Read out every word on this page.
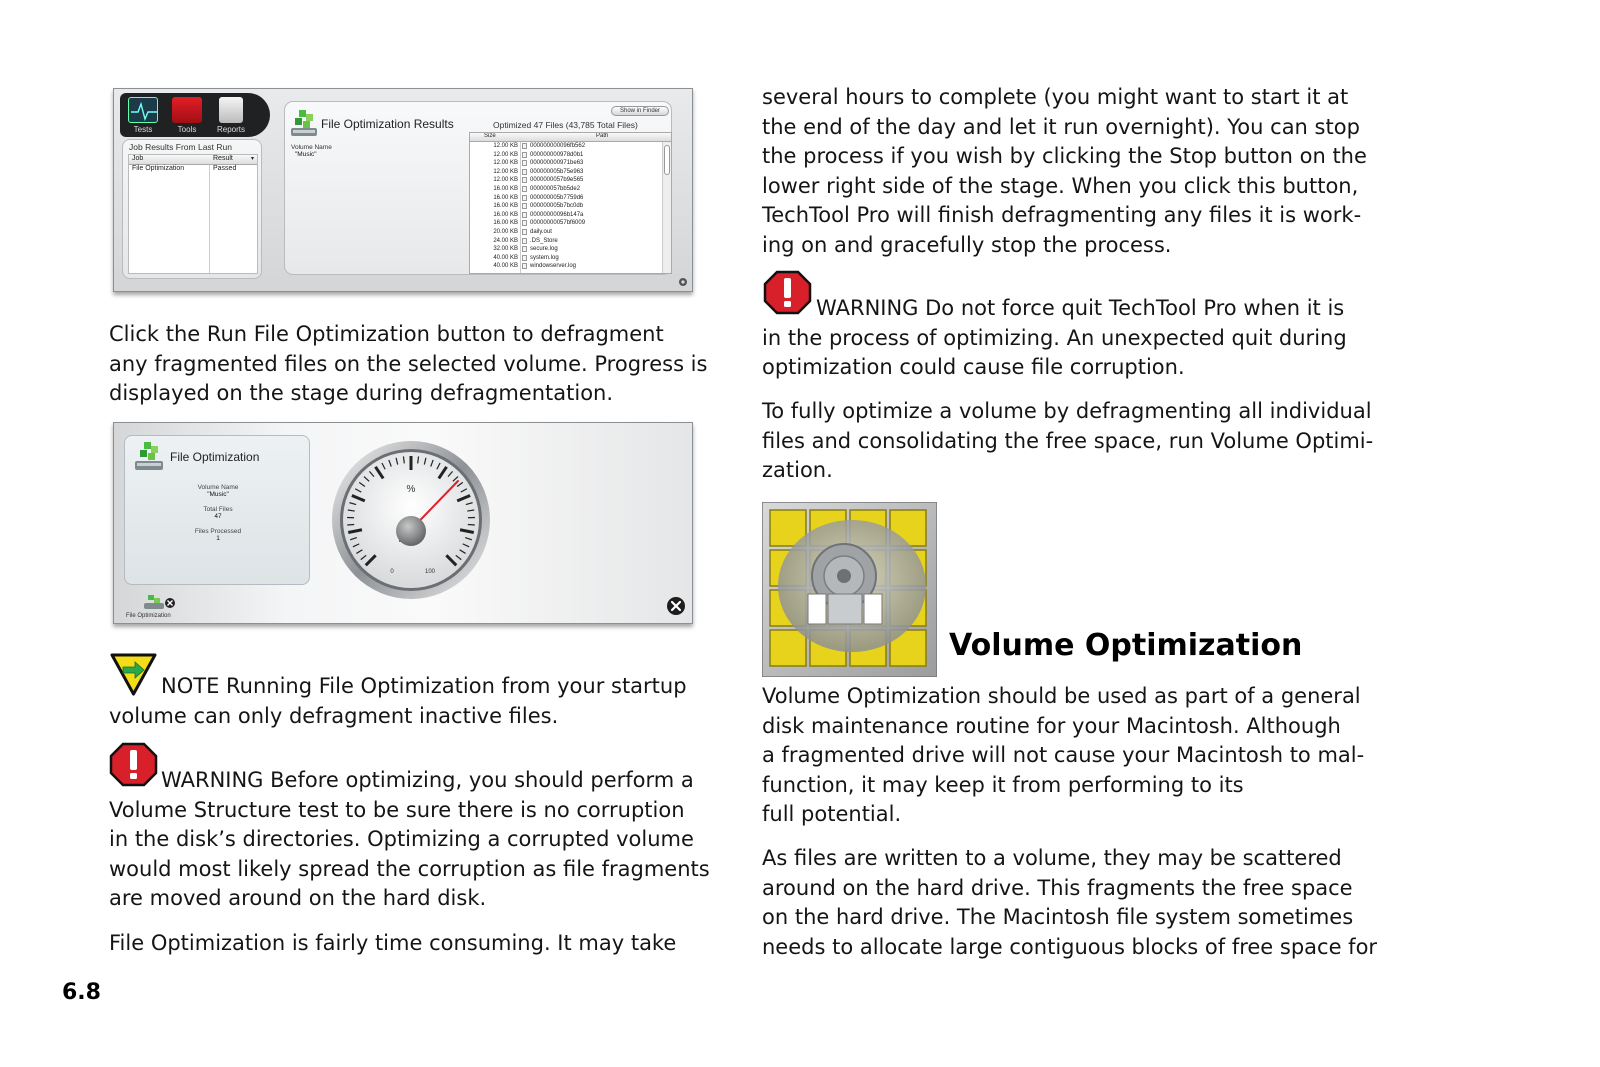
Tests	Tools	Reports
Job Results From Last Run
Job	Result	▾
File Optimization	Passed
File Optimization Results
Show in Finder
Optimized 47 Files (43,785 Total Files)
Volume Name
"Music"
Size	Path
12.00 KB 000000000096fb562
12.00 KB 000000000978d0b1
12.00 KB 000000000971be63
12.00 KB 000000005b75e963
12.00 KB 0000000057b9e565
16.00 KB 000000057bb5de2
16.00 KB 000000005b7759d6
16.00 KB 000000005b7bc0db
16.00 KB 00000000096b147a
16.00 KB 00000000057bf6009
20.00 KB daily.out
24.00 KB .DS_Store
32.00 KB secure.log
40.00 KB system.log
40.00 KB windowserver.log
Click the Run File Optimization button to defragment
any fragmented files on the selected volume. Progress is
displayed on the stage during defragmentation.
File Optimization
Volume Name
"Music"
Total Files
47
Files Processed
1
%
0	100
File Optimization
NOTE Running File Optimization from your startup
volume can only defragment inactive files.
WARNING Before optimizing, you should perform a
Volume Structure test to be sure there is no corruption
in the disk’s directories. Optimizing a corrupted volume
would most likely spread the corruption as file fragments
are moved around on the hard disk.
File Optimization is fairly time consuming. It may take
6.8
several hours to complete (you might want to start it at
the end of the day and let it run overnight). You can stop
the process if you wish by clicking the Stop button on the
lower right side of the stage. When you click this button,
TechTool Pro will finish defragmenting any files it is work-
ing on and gracefully stop the process.
WARNING Do not force quit TechTool Pro when it is
in the process of optimizing. An unexpected quit during
optimization could cause file corruption.
To fully optimize a volume by defragmenting all individual
files and consolidating the free space, run Volume Optimi-
zation.
Volume Optimization
Volume Optimization should be used as part of a general
disk maintenance routine for your Macintosh. Although
a fragmented drive will not cause your Macintosh to mal-
function, it may keep it from performing to its
full potential.
As files are written to a volume, they may be scattered
around on the hard drive. This fragments the free space
on the hard drive. The Macintosh file system sometimes
needs to allocate large contiguous blocks of free space for
